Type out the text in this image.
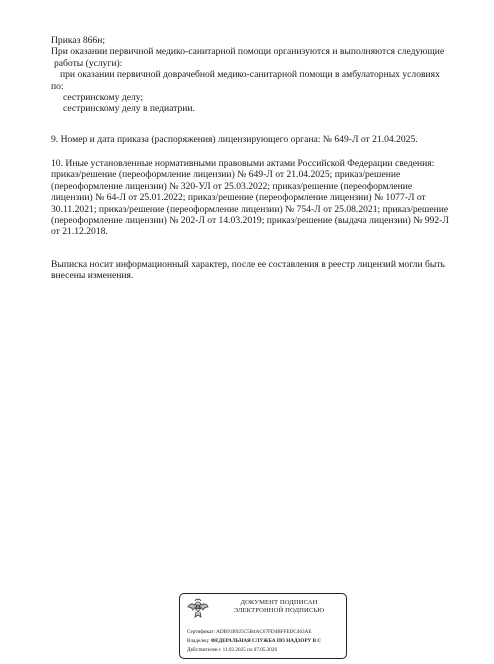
Приказ 866н;
При оказании первичной медико-санитарной помощи организуются и выполняются следующие
работы (услуги):
при оказании первичной доврачебной медико-санитарной помощи в амбулаторных условиях
по:
сестринскому делу;
сестринскому делу в педиатрии.
9. Номер и дата приказа (распоряжения) лицензирующего органа: № 649-Л от 21.04.2025.
10. Иные установленные нормативными правовыми актами Российской Федерации сведения:
приказ/решение (переоформление лицензии) № 649-Л от 21.04.2025; приказ/решение
(переоформление лицензии) № 320-УЛ от 25.03.2022; приказ/решение (переоформление
лицензии) № 64-Л от 25.01.2022; приказ/решение (переоформление лицензии) № 1077-Л от
30.11.2021; приказ/решение (переоформление лицензии) № 754-Л от 25.08.2021; приказ/решение
(переоформление лицензии) № 202-Л от 14.03.2019; приказ/решение (выдача лицензии) № 992-Л
от 21.12.2018.
Выписка носит информационный характер, после ее составления в реестр лицензий могли быть
внесены изменения.
ДОКУМЕНТ ПОДПИСАН
ЭЛЕКТРОННОЙ ПОДПИСЬЮ
Сертификат: ADB91B925C5B4AC67FD4BFFEDC463AE
Владелец: ФЕДЕРАЛЬНАЯ СЛУЖБА ПО НАДЗОРУ В С
Действителен с 11.02.2025 по 07.05.2026
